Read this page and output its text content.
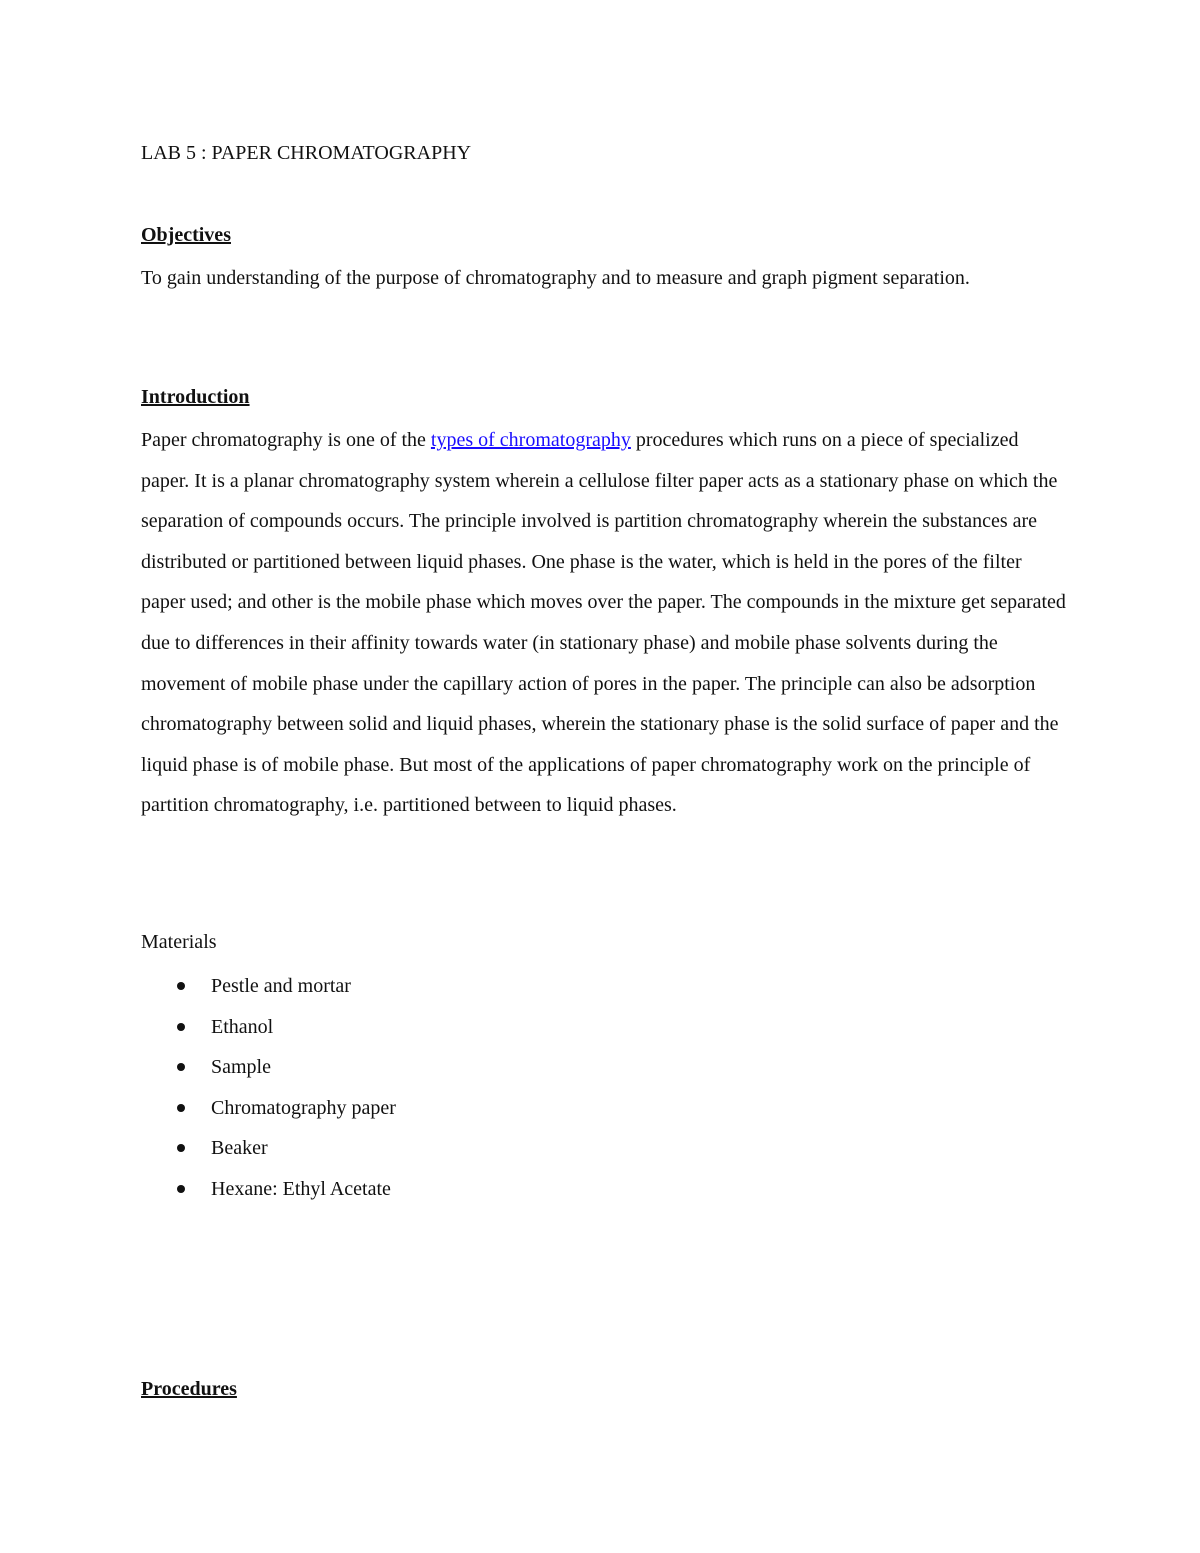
LAB 5 : PAPER CHROMATOGRAPHY
Objectives

To gain understanding of the purpose of chromatography and to measure and graph pigment separation.

Introduction

Paper chromatography is one of the types of chromatography procedures which runs on a piece of specialized paper. It is a planar chromatography system wherein a cellulose filter paper acts as a stationary phase on which the separation of compounds occurs. The principle involved is partition chromatography wherein the substances are distributed or partitioned between liquid phases. One phase is the water, which is held in the pores of the filter paper used; and other is the mobile phase which moves over the paper. The compounds in the mixture get separated due to differences in their affinity towards water (in stationary phase) and mobile phase solvents during the movement of mobile phase under the capillary action of pores in the paper. The principle can also be adsorption chromatography between solid and liquid phases, wherein the stationary phase is the solid surface of paper and the liquid phase is of mobile phase. But most of the applications of paper chromatography work on the principle of partition chromatography, i.e. partitioned between to liquid phases.

Materials

Pestle and mortar
Ethanol
Sample
Chromatography paper
Beaker
Hexane: Ethyl Acetate
Procedures
